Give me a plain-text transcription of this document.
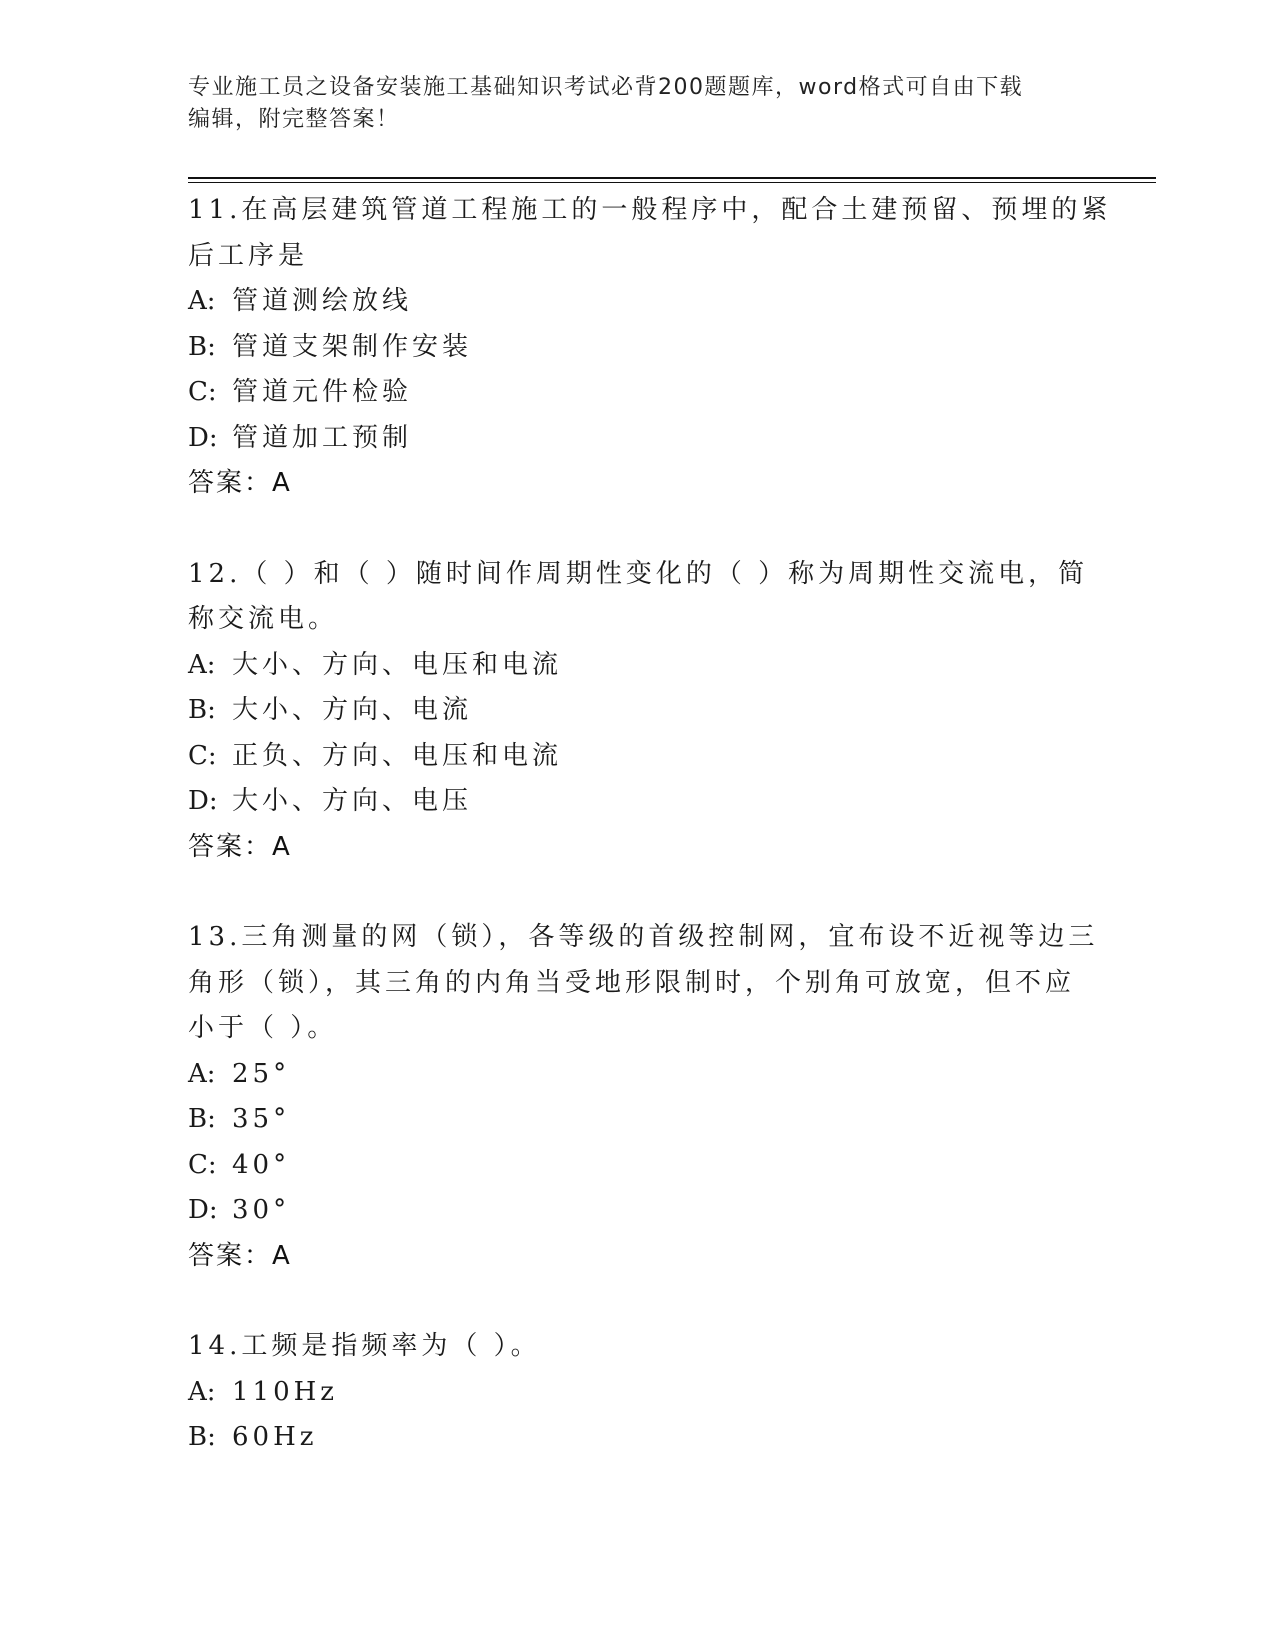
专业施工员之设备安装施工基础知识考试必背200题题库，word格式可自由下载
编辑，附完整答案！
11.在高层建筑管道工程施工的一般程序中，配合土建预留、预埋的紧
后工序是
A: 管道测绘放线
B: 管道支架制作安装
C: 管道元件检验
D: 管道加工预制
答案：A
12.（ ）和（ ）随时间作周期性变化的（ ）称为周期性交流电，简
称交流电。
A: 大小、方向、电压和电流
B: 大小、方向、电流
C: 正负、方向、电压和电流
D: 大小、方向、电压
答案：A
13.三角测量的网（锁），各等级的首级控制网，宜布设不近视等边三
角形（锁），其三角的内角当受地形限制时，个别角可放宽，但不应
小于（ ）。
A: 25°
B: 35°
C: 40°
D: 30°
答案：A
14.工频是指频率为（ ）。
A: 110Hz
B: 60Hz
